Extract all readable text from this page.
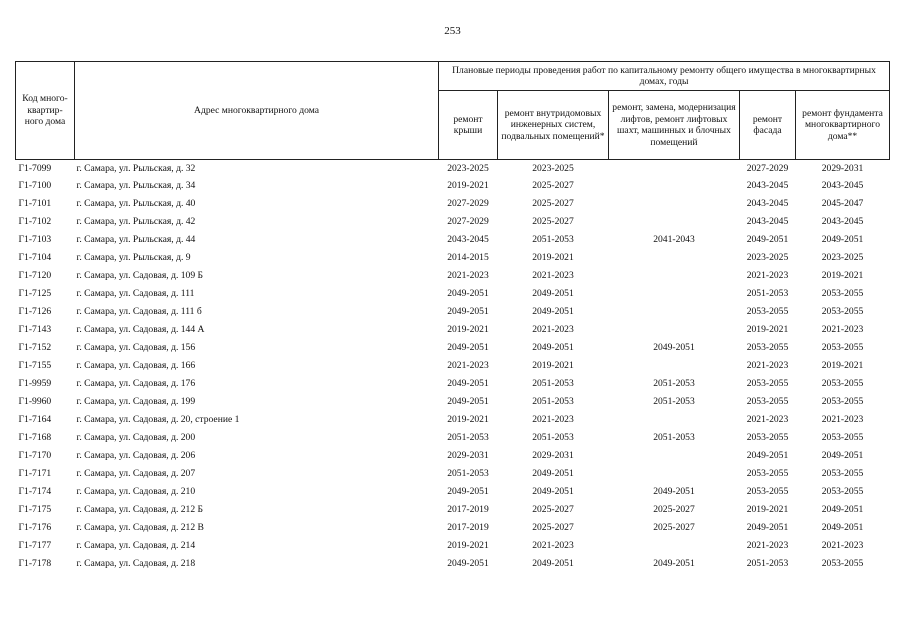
253
Код много-
квартир-
ного дома	Адрес многоквартирного дома	Плановые периоды проведения работ по капитальному ремонту общего имущества в многоквартирных домах, годы				
		ремонт крыши	ремонт внутридомовых инженерных систем, подвальных помещений*	ремонт, замена, модернизация лифтов, ремонт лифтовых шахт, машинных и блочных помещений	ремонт фасада	ремонт фундамента многоквартирного дома**
Г1-7099	г. Самара, ул. Рыльская, д. 32	2023-2025	2023-2025		2027-2029	2029-2031
Г1-7100	г. Самара, ул. Рыльская, д. 34	2019-2021	2025-2027		2043-2045	2043-2045
Г1-7101	г. Самара, ул. Рыльская, д. 40	2027-2029	2025-2027		2043-2045	2045-2047
Г1-7102	г. Самара, ул. Рыльская, д. 42	2027-2029	2025-2027		2043-2045	2043-2045
Г1-7103	г. Самара, ул. Рыльская, д. 44	2043-2045	2051-2053	2041-2043	2049-2051	2049-2051
Г1-7104	г. Самара, ул. Рыльская, д. 9	2014-2015	2019-2021		2023-2025	2023-2025
Г1-7120	г. Самара, ул. Садовая, д. 109 Б	2021-2023	2021-2023		2021-2023	2019-2021
Г1-7125	г. Самара, ул. Садовая, д. 111	2049-2051	2049-2051		2051-2053	2053-2055
Г1-7126	г. Самара, ул. Садовая, д. 111 б	2049-2051	2049-2051		2053-2055	2053-2055
Г1-7143	г. Самара, ул. Садовая, д. 144 А	2019-2021	2021-2023		2019-2021	2021-2023
Г1-7152	г. Самара, ул. Садовая, д. 156	2049-2051	2049-2051	2049-2051	2053-2055	2053-2055
Г1-7155	г. Самара, ул. Садовая, д. 166	2021-2023	2019-2021		2021-2023	2019-2021
Г1-9959	г. Самара, ул. Садовая, д. 176	2049-2051	2051-2053	2051-2053	2053-2055	2053-2055
Г1-9960	г. Самара, ул. Садовая, д. 199	2049-2051	2051-2053	2051-2053	2053-2055	2053-2055
Г1-7164	г. Самара, ул. Садовая, д. 20, строение 1	2019-2021	2021-2023		2021-2023	2021-2023
Г1-7168	г. Самара, ул. Садовая, д. 200	2051-2053	2051-2053	2051-2053	2053-2055	2053-2055
Г1-7170	г. Самара, ул. Садовая, д. 206	2029-2031	2029-2031		2049-2051	2049-2051
Г1-7171	г. Самара, ул. Садовая, д. 207	2051-2053	2049-2051		2053-2055	2053-2055
Г1-7174	г. Самара, ул. Садовая, д. 210	2049-2051	2049-2051	2049-2051	2053-2055	2053-2055
Г1-7175	г. Самара, ул. Садовая, д. 212 Б	2017-2019	2025-2027	2025-2027	2019-2021	2049-2051
Г1-7176	г. Самара, ул. Садовая, д. 212 В	2017-2019	2025-2027	2025-2027	2049-2051	2049-2051
Г1-7177	г. Самара, ул. Садовая, д. 214	2019-2021	2021-2023		2021-2023	2021-2023
Г1-7178	г. Самара, ул. Садовая, д. 218	2049-2051	2049-2051	2049-2051	2051-2053	2053-2055
